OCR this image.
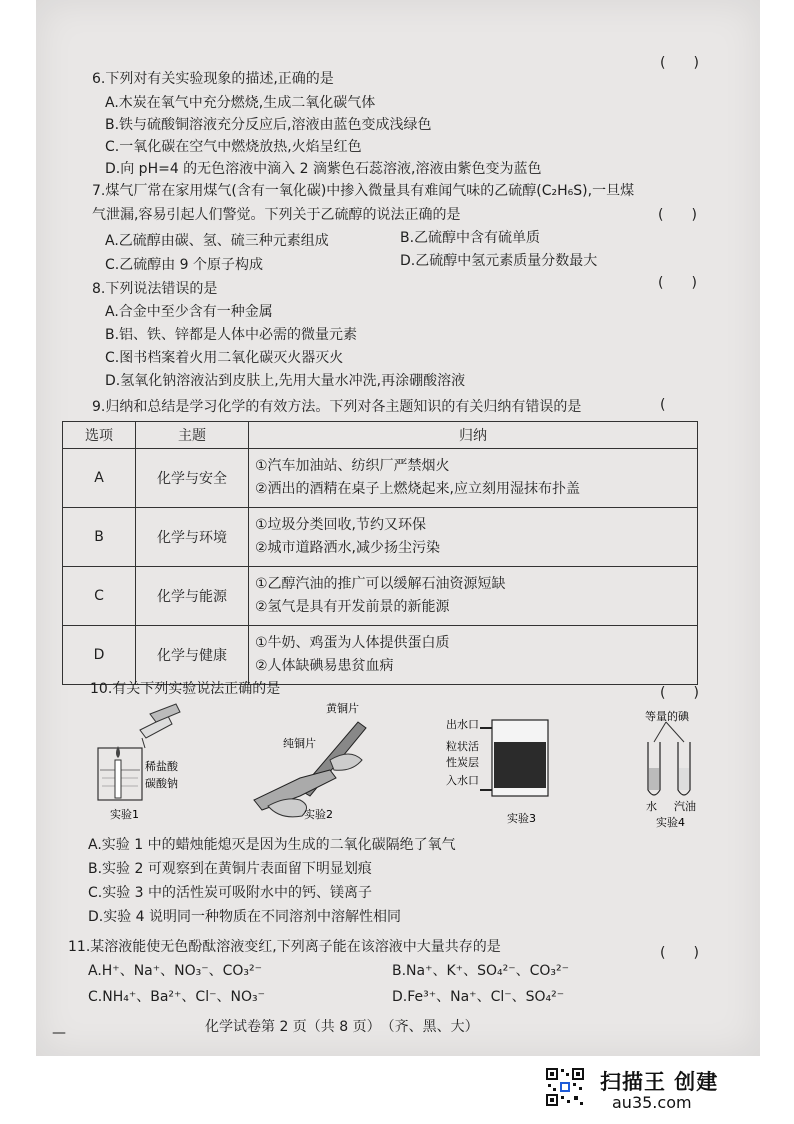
(　　)
6.下列对有关实验现象的描述,正确的是
A.木炭在氧气中充分燃烧,生成二氧化碳气体
B.铁与硫酸铜溶液充分反应后,溶液由蓝色变成浅绿色
C.一氧化碳在空气中燃烧放热,火焰呈红色
D.向 pH=4 的无色溶液中滴入 2 滴紫色石蕊溶液,溶液由紫色变为蓝色
7.煤气厂常在家用煤气(含有一氧化碳)中掺入微量具有难闻气味的乙硫醇(C₂H₆S),一旦煤
气泄漏,容易引起人们警觉。下列关于乙硫醇的说法正确的是	(　　)
A.乙硫醇由碳、氢、硫三种元素组成	B.乙硫醇中含有硫单质
C.乙硫醇由 9 个原子构成	D.乙硫醇中氢元素质量分数最大
8.下列说法错误的是	(　　)
A.合金中至少含有一种金属
B.铝、铁、锌都是人体中必需的微量元素
C.图书档案着火用二氧化碳灭火器灭火
D.氢氧化钠溶液沾到皮肤上,先用大量水冲洗,再涂硼酸溶液
9.归纳和总结是学习化学的有效方法。下列对各主题知识的有关归纳有错误的是	(
选项	主题	归纳
A	化学与安全	①汽车加油站、纺织厂严禁烟火
②洒出的酒精在桌子上燃烧起来,应立刻用湿抹布扑盖

B	化学与环境	①垃圾分类回收,节约又环保
②城市道路洒水,减少扬尘污染

C	化学与能源	①乙醇汽油的推广可以缓解石油资源短缺
②氢气是具有开发前景的新能源

D	化学与健康	①牛奶、鸡蛋为人体提供蛋白质
②人体缺碘易患贫血病
10.有关下列实验说法正确的是	(　　)
稀盐酸
碳酸钠
实验1
黄铜片
纯铜片
实验2
出水口
粒状活
性炭层
入水口
实验3
等量的碘
水 汽油
实验4
A.实验 1 中的蜡烛能熄灭是因为生成的二氧化碳隔绝了氧气
B.实验 2 可观察到在黄铜片表面留下明显划痕
C.实验 3 中的活性炭可吸附水中的钙、镁离子
D.实验 4 说明同一种物质在不同溶剂中溶解性相同
11.某溶液能使无色酚酞溶液变红,下列离子能在该溶液中大量共存的是	(　　)
A.H⁺、Na⁺、NO₃⁻、CO₃²⁻	B.Na⁺、K⁺、SO₄²⁻、CO₃²⁻
C.NH₄⁺、Ba²⁺、Cl⁻、NO₃⁻	D.Fe³⁺、Na⁺、Cl⁻、SO₄²⁻
—	化学试卷第 2 页（共 8 页）　（齐、黑、大）
扫描王 创建
au35.com
